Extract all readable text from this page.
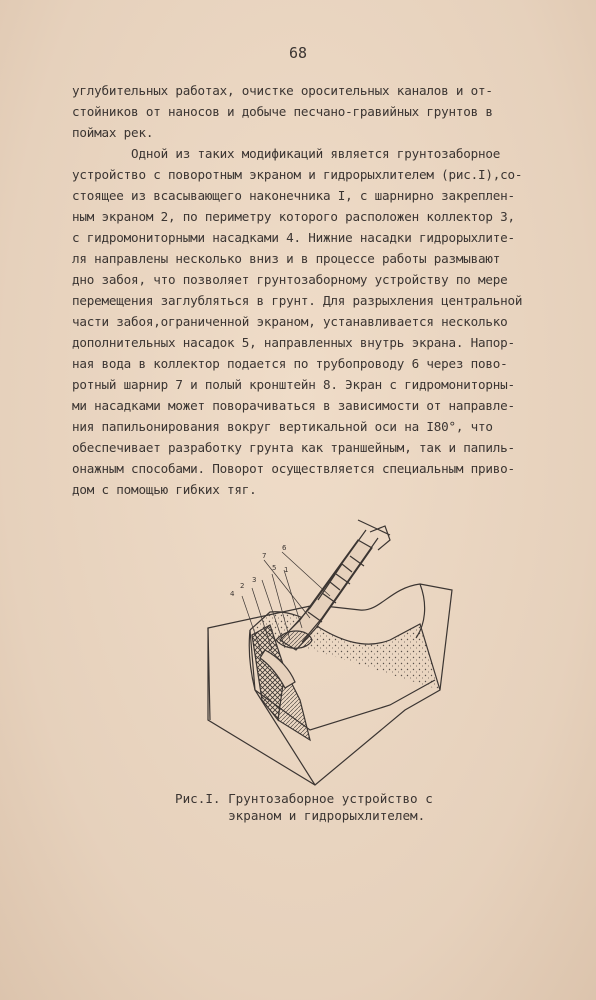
68
углубительных работах, очистке оросительных каналов и от-
стойников от наносов и добыче песчано-гравийных грунтов в
поймах рек.
Одной из таких модификаций является грунтозаборное
устройство с поворотным экраном и гидрорыхлителем (рис.I),со-
стоящее из всасывающего наконечника I, с шарнирно закреплен-
ным экраном 2, по периметру которого расположен коллектор 3,
с гидромониторными насадками 4. Нижние насадки гидрорыхлите-
ля направлены несколько вниз и в процессе работы размывают
дно забоя, что позволяет грунтозаборному устройству по мере
перемещения заглубляться в грунт. Для разрыхления центральной
части забоя,ограниченной экраном, устанавливается несколько
дополнительных насадок 5, направленных внутрь экрана. Напор-
ная вода в коллектор подается по трубопроводу 6 через пово-
ротный шарнир 7 и полый кронштейн 8. Экран с гидромониторны-
ми насадками может поворачиваться в зависимости от направле-
ния папильонирования вокруг вертикальной оси на I80°, что
обеспечивает разработку грунта как траншейным, так и папиль-
онажным способами. Поворот осуществляется специальным приво-
дом с помощью гибких тяг.
1
2
3
4
5
6
7
Рис.I. Грунтозаборное устройство с
экраном и гидрорыхлителем.
